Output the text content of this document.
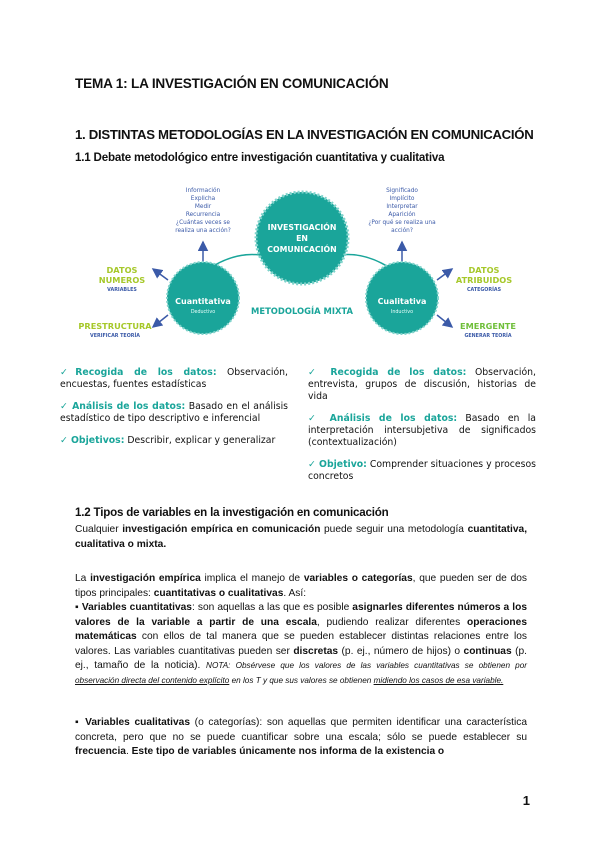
TEMA 1: LA INVESTIGACIÓN EN COMUNICACIÓN
1. DISTINTAS METODOLOGÍAS EN LA INVESTIGACIÓN EN COMUNICACIÓN
1.1 Debate metodológico entre investigación cuantitativa y cualitativa
INVESTIGACIÓN
EN
COMUNICACIÓN
Cuantitativa
Deductivo
Cualitativa
Inductivo
METODOLOGÍA MIXTA
Información
Explicha
Medir
Recurrencia
¿Cuántas veces se
realiza una acción?
Significado
Implícito
Interpretar
Aparición
¿Por qué se realiza una
acción?
DATOS
NUMEROS
VARIABLES
PRESTRUCTURA
VERIFICAR TEORÍA
DATOS
ATRIBUIDOS
CATEGORÍAS
EMERGENTE
GENERAR TEORÍA

✓Recogida de los datos: Observación, encuestas, fuentes estadísticas

✓ Análisis de los datos: Basado en el análisis estadístico de tipo descriptivo e inferencial

✓ Objetivos: Describir, explicar y generalizar

✓ Recogida de los datos: Observación, entrevista, grupos de discusión, historias de vida

✓ Análisis de los datos: Basado en la interpretación intersubjetiva de significados (contextualización)

✓ Objetivo: Comprender situaciones y procesos concretos

1.2 Tipos de variables en la investigación en comunicación

Cualquier investigación empírica en comunicación puede seguir una metodología cuantitativa, cualitativa o mixta.

La investigación empírica implica el manejo de variables o categorías, que pueden ser de dos tipos principales: cuantitativas o cualitativas. Así:

▪ Variables cuantitativas: son aquellas a las que es posible asignarles diferentes números a los valores de la variable a partir de una escala, pudiendo realizar diferentes operaciones matemáticas con ellos de tal manera que se pueden establecer distintas relaciones entre los valores. Las variables cuantitativas pueden ser discretas (p. ej., número de hijos) o continuas (p. ej., tamaño de la noticia). NOTA: Obsérvese que los valores de las variables cuantitativas se obtienen por observación directa del contenido explícito en los T y que sus valores se obtienen midiendo los casos de esa variable.

▪ Variables cualitativas (o categorías): son aquellas que permiten identificar una característica concreta, pero que no se puede cuantificar sobre una escala; sólo se puede establecer su frecuencia. Este tipo de variables únicamente nos informa de la existencia o

1
